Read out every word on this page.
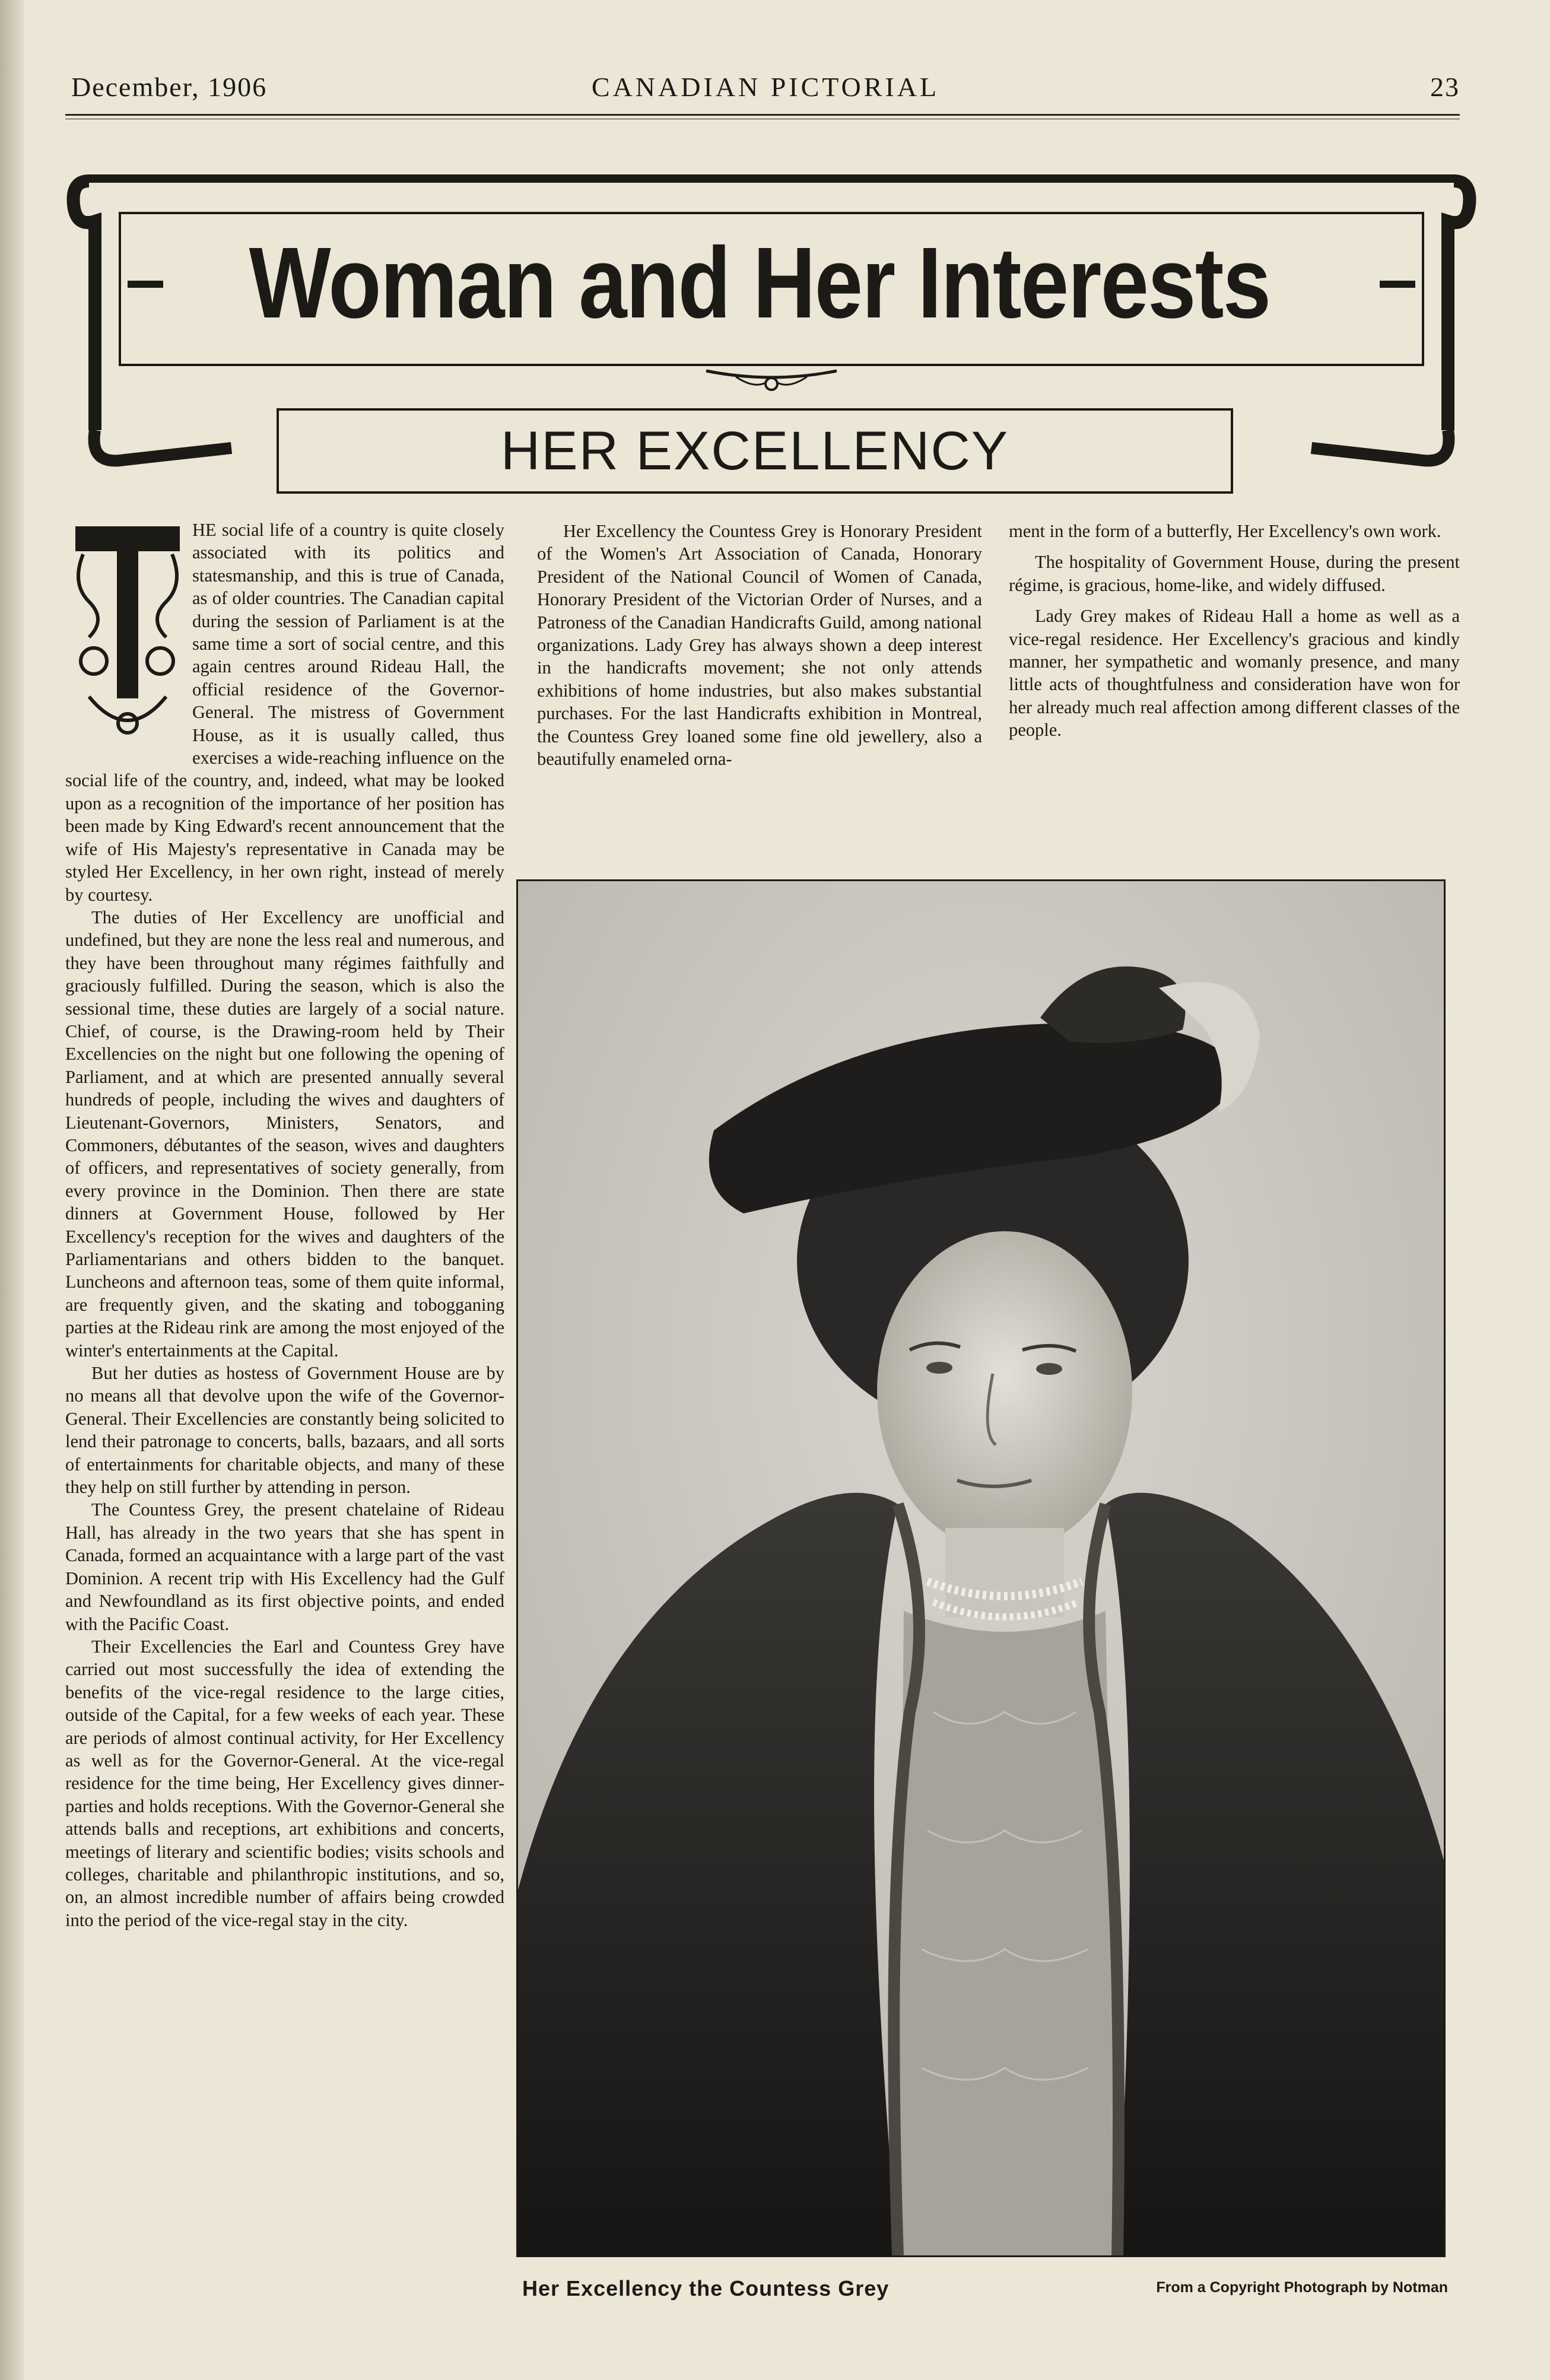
December, 1906	CANADIAN PICTORIAL	23
Woman and Her Interests
HER EXCELLENCY

HE social life of a country is quite closely associated with its politics and statesmanship, and this is true of Canada, as of older countries. The Canadian capital during the session of Parliament is at the same time a sort of social centre, and this again centres around Rideau Hall, the official residence of the Governor-General. The mistress of Government House, as it is usually called, thus exercises a wide-reaching influence on the social life of the country, and, indeed, what may be looked upon as a recognition of the importance of her position has been made by King Edward's recent announcement that the wife of His Majesty's representative in Canada may be styled Her Excellency, in her own right, instead of merely by courtesy.

The duties of Her Excellency are unofficial and undefined, but they are none the less real and numerous, and they have been throughout many régimes faithfully and graciously fulfilled. During the season, which is also the sessional time, these duties are largely of a social nature. Chief, of course, is the Drawing-room held by Their Excellencies on the night but one following the opening of Parliament, and at which are presented annually several hundreds of people, including the wives and daughters of Lieutenant-Governors, Ministers, Senators, and Commoners, débutantes of the season, wives and daughters of officers, and representatives of society generally, from every province in the Dominion. Then there are state dinners at Government House, followed by Her Excellency's reception for the wives and daughters of the Parliamentarians and others bidden to the banquet. Luncheons and afternoon teas, some of them quite informal, are frequently given, and the skating and tobogganing parties at the Rideau rink are among the most enjoyed of the winter's entertainments at the Capital.

But her duties as hostess of Government House are by no means all that devolve upon the wife of the Governor-General. Their Excellencies are constantly being solicited to lend their patronage to concerts, balls, bazaars, and all sorts of entertainments for charitable objects, and many of these they help on still further by attending in person.

The Countess Grey, the present chatelaine of Rideau Hall, has already in the two years that she has spent in Canada, formed an acquaintance with a large part of the vast Dominion. A recent trip with His Excellency had the Gulf and Newfoundland as its first objective points, and ended with the Pacific Coast.

Their Excellencies the Earl and Countess Grey have carried out most successfully the idea of extending the benefits of the vice-regal residence to the large cities, outside of the Capital, for a few weeks of each year. These are periods of almost continual activity, for Her Excellency as well as for the Governor-General. At the vice-regal residence for the time being, Her Excellency gives dinner-parties and holds receptions. With the Governor-General she attends balls and receptions, art exhibitions and concerts, meetings of literary and scientific bodies; visits schools and colleges, charitable and philanthropic institutions, and so, on, an almost incredible number of affairs being crowded into the period of the vice-regal stay in the city.

Her Excellency the Countess Grey is Honorary President of the Women's Art Association of Canada, Honorary President of the National Council of Women of Canada, Honorary President of the Victorian Order of Nurses, and a Patroness of the Canadian Handicrafts Guild, among national organizations. Lady Grey has always shown a deep interest in the handicrafts movement; she not only attends exhibitions of home industries, but also makes substantial purchases. For the last Handicrafts exhibition in Montreal, the Countess Grey loaned some fine old jewellery, also a beautifully enameled orna-

ment in the form of a butterfly, Her Excellency's own work.

The hospitality of Government House, during the present régime, is gracious, home-like, and widely diffused.

Lady Grey makes of Rideau Hall a home as well as a vice-regal residence. Her Excellency's gracious and kindly manner, her sympathetic and womanly presence, and many little acts of thoughtfulness and consideration have won for her already much real affection among different classes of the people.

Her Excellency the Countess Grey	From a Copyright Photograph by Notman
